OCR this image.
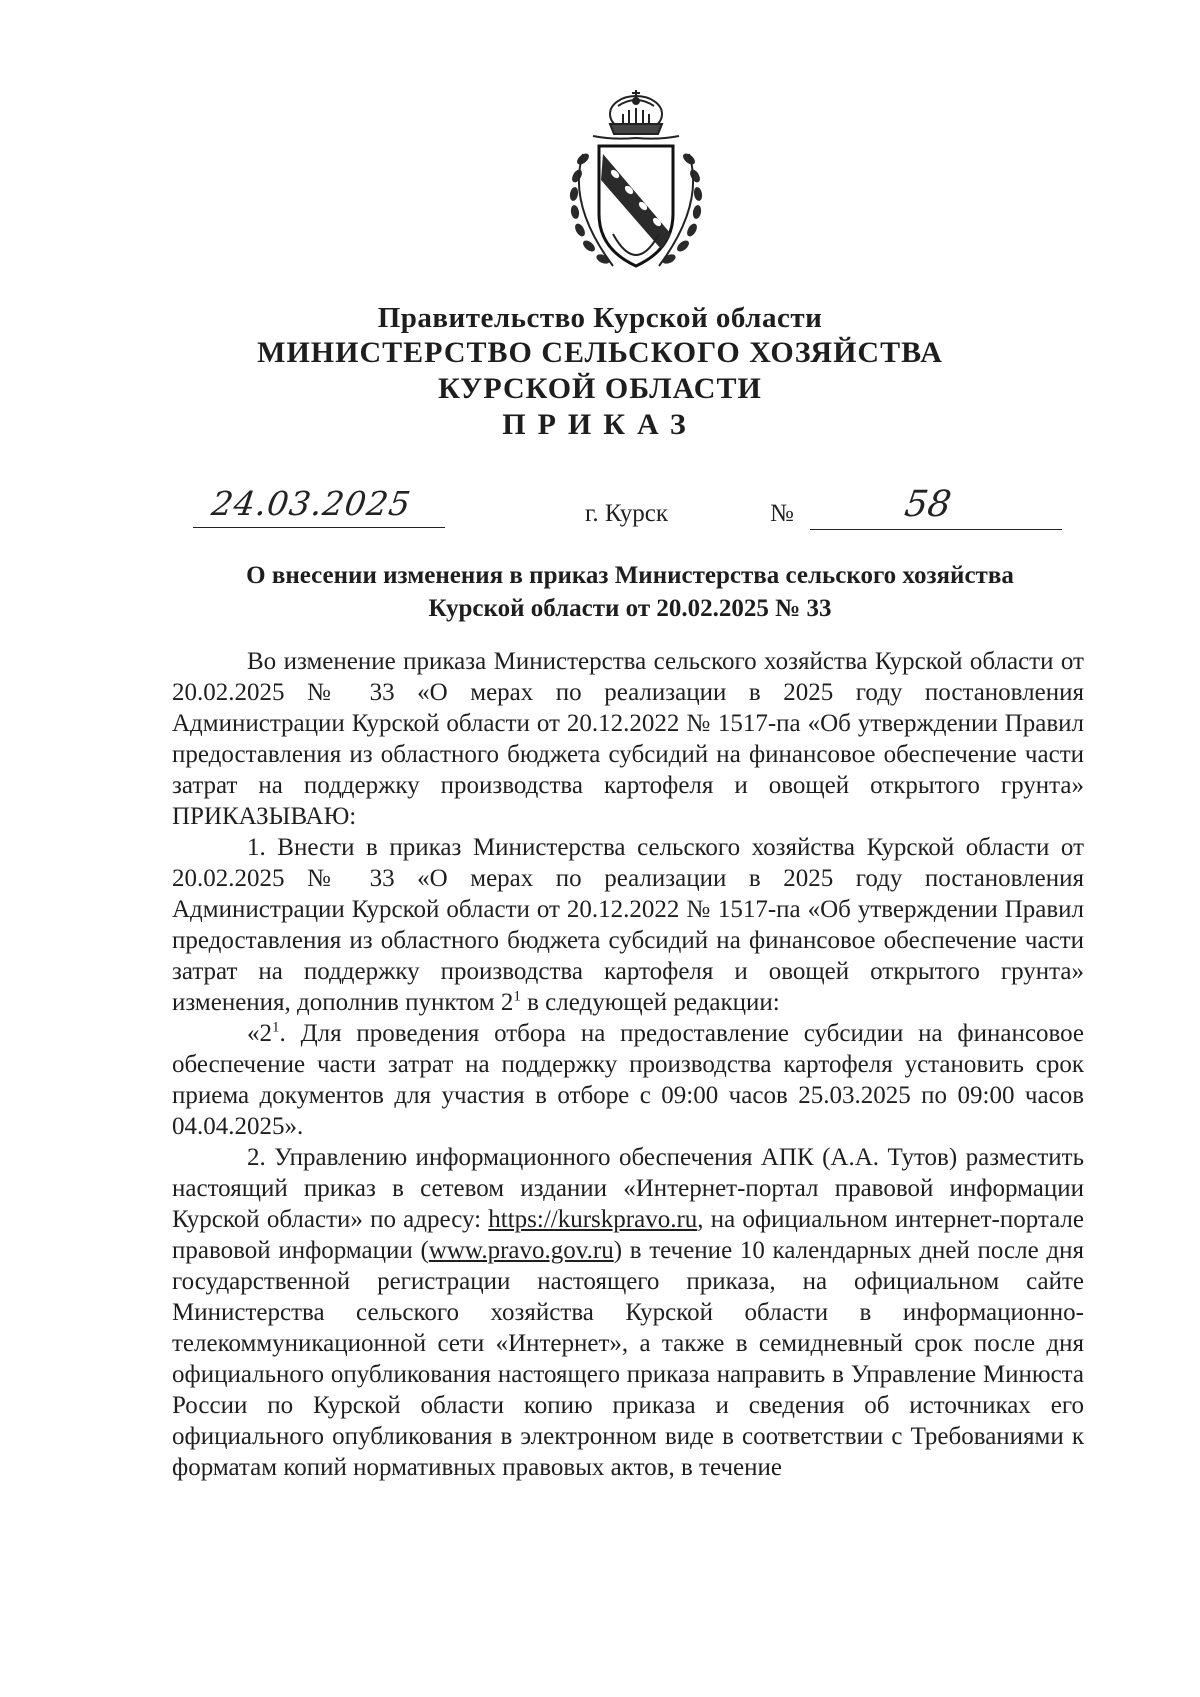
Правительство Курской области
МИНИСТЕРСТВО СЕЛЬСКОГО ХОЗЯЙСТВА
КУРСКОЙ ОБЛАСТИ
ПРИКАЗ
24.03.2025	г. Курск	№	58
О внесении изменения в приказ Министерства сельского хозяйства
Курской области от 20.02.2025 № 33

Во изменение приказа Министерства сельского хозяйства Курской области от 20.02.2025 № 33 «О мерах по реализации в 2025 году постановления Администрации Курской области от 20.12.2022 № 1517-па «Об утверждении Правил предоставления из областного бюджета субсидий на финансовое обеспечение части затрат на поддержку производства картофеля и овощей открытого грунта» ПРИКАЗЫВАЮ:

1. Внести в приказ Министерства сельского хозяйства Курской области от 20.02.2025 № 33 «О мерах по реализации в 2025 году постановления Администрации Курской области от 20.12.2022 № 1517-па «Об утверждении Правил предоставления из областного бюджета субсидий на финансовое обеспечение части затрат на поддержку производства картофеля и овощей открытого грунта» изменения, дополнив пунктом $2^1$ в следующей редакции:

«$2^1$. Для проведения отбора на предоставление субсидии на финансовое обеспечение части затрат на поддержку производства картофеля установить срок приема документов для участия в отборе с 09:00 часов 25.03.2025 по 09:00 часов 04.04.2025».

2. Управлению информационного обеспечения АПК (А.А. Тутов) разместить настоящий приказ в сетевом издании «Интернет-портал правовой информации Курской области» по адресу: https://kurskpravo.ru, на официальном интернет-портале правовой информации (www.pravo.gov.ru) в течение 10 календарных дней после дня государственной регистрации настоящего приказа, на официальном сайте Министерства сельского хозяйства Курской области в информационно-телекоммуникационной сети «Интернет», а также в семидневный срок после дня официального опубликования настоящего приказа направить в Управление Минюста России по Курской области копию приказа и сведения об источниках его официального опубликования в электронном виде в соответствии с Требованиями к форматам копий нормативных правовых актов, в течение
